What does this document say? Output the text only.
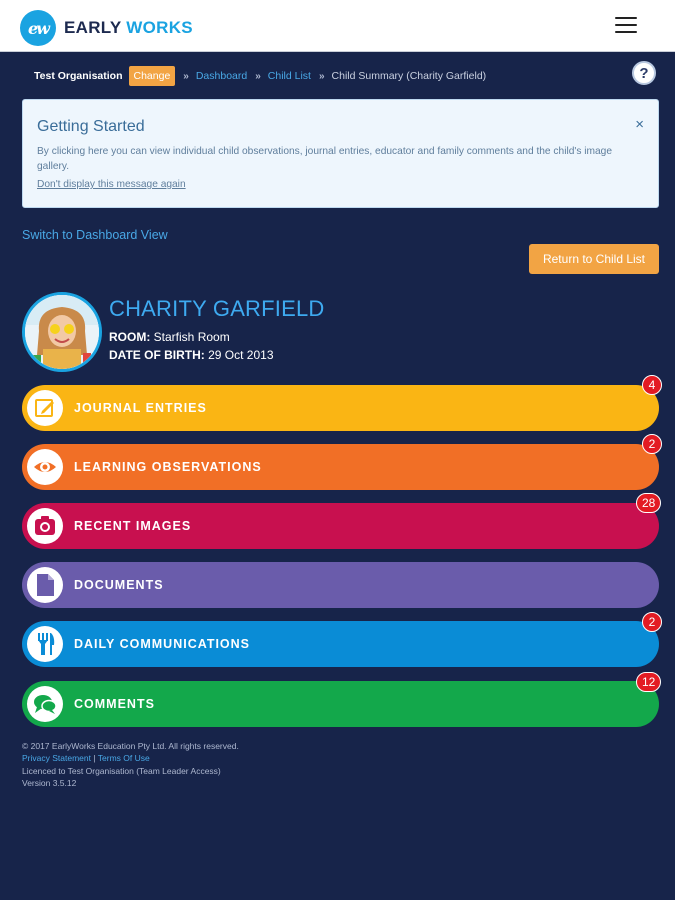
ew EARLY WORKS
Test Organisation	Change	» Dashboard » Child List » Child Summary (Charity Garfield)	?
Getting Started	×
By clicking here you can view individual child observations, journal entries, educator and family comments and the child's image gallery.
Don't display this message again
Switch to Dashboard View
Return to Child List
CHARITY GARFIELD
ROOM: Starfish Room
DATE OF BIRTH: 29 Oct 2013
JOURNAL ENTRIES
LEARNING OBSERVATIONS
RECENT IMAGES
DOCUMENTS
DAILY COMMUNICATIONS
COMMENTS
4
2
28
2
12
© 2017 EarlyWorks Education Pty Ltd. All rights reserved.
Privacy Statement | Terms Of Use
Licenced to Test Organisation (Team Leader Access)
Version 3.5.12
